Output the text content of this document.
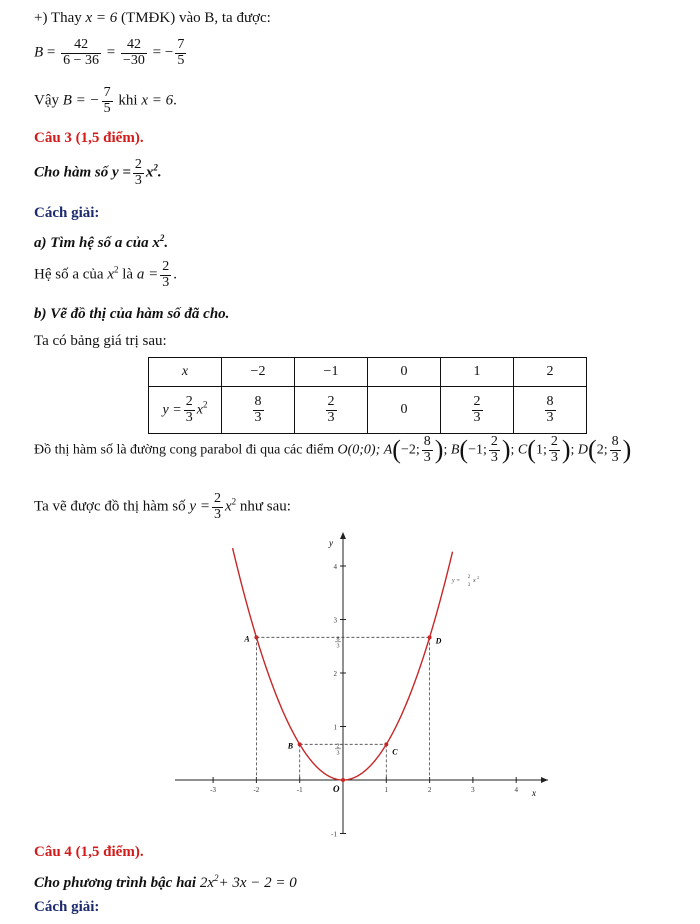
+) Thay x = 6 (TMĐK) vào B, ta được:
$B = \frac{42}{6 - 36} = \frac{42}{-30}$ = − $\frac{7}{5}$
Vậy B = − $\frac{7}{5}$ khi x = 6.
Câu 3 (1,5 điểm).
Cho hàm số $y = \frac{2}{3} x^2$.
Cách giải:
a) Tìm hệ số a của $x^2$.
Hệ số a của $x^2$ là $a = \frac{2}{3}$ .
b) Vẽ đồ thị của hàm số đã cho.
Ta có bảng giá trị sau:
x	−2	−1	0	1	2
$y = \frac{2}{3} x^2$	$\frac{8}{3}$	$\frac{2}{3}$	0	$\frac{2}{3}$	$\frac{8}{3}$
Đồ thị hàm số là đường cong parabol đi qua các điểm O(0;0); A(−2; $\frac{8}{3}$ ); B(−1; $\frac{2}{3}$ ); C(1; $\frac{2}{3}$ ); D(2; $\frac{8}{3}$ )
Ta vẽ được đồ thị hàm số $y = \frac{2}{3} x^2$ như sau:
-3	-2	-1	1	2	3	4
-1
1
2
3
4
x
y
O
A
B
C
D
8
3
2
3
y =
2
3
x
2
Câu 4 (1,5 điểm).
Cho phương trình bậc hai $2x^2+ 3x - 2 = 0$
Cách giải:
